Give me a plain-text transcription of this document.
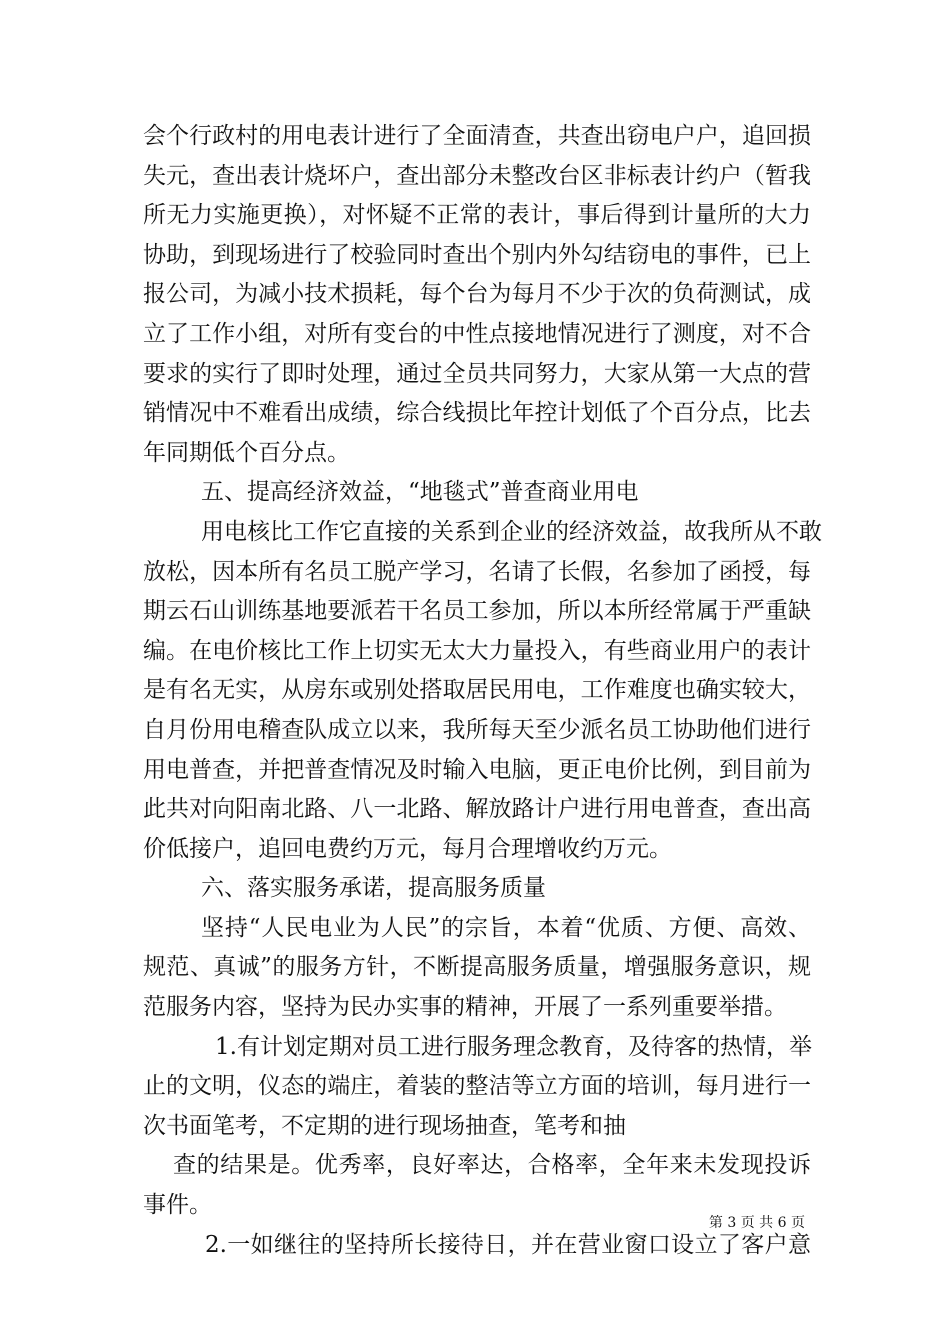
会个行政村的用电表计进行了全面清查，共查出窃电户户，追回损
失元，查出表计烧坏户，查出部分未整改台区非标表计约户（暂我
所无力实施更换），对怀疑不正常的表计，事后得到计量所的大力
协助，到现场进行了校验同时查出个别内外勾结窃电的事件，已上
报公司，为减小技术损耗，每个台为每月不少于次的负荷测试，成
立了工作小组，对所有变台的中性点接地情况进行了测度，对不合
要求的实行了即时处理，通过全员共同努力，大家从第一大点的营
销情况中不难看出成绩，综合线损比年控计划低了个百分点，比去
年同期低个百分点。
五、提高经济效益，“地毯式”普查商业用电
用电核比工作它直接的关系到企业的经济效益，故我所从不敢
放松，因本所有名员工脱产学习，名请了长假，名参加了函授，每
期云石山训练基地要派若干名员工参加，所以本所经常属于严重缺
编。在电价核比工作上切实无太大力量投入，有些商业用户的表计
是有名无实，从房东或别处搭取居民用电，工作难度也确实较大，
自月份用电稽查队成立以来，我所每天至少派名员工协助他们进行
用电普查，并把普查情况及时输入电脑，更正电价比例，到目前为
此共对向阳南北路、八一北路、解放路计户进行用电普查，查出高
价低接户，追回电费约万元，每月合理增收约万元。
六、落实服务承诺，提高服务质量
坚持“人民电业为人民”的宗旨，本着“优质、方便、高效、
规范、真诚”的服务方针，不断提高服务质量，增强服务意识，规
范服务内容，坚持为民办实事的精神，开展了一系列重要举措。
1.有计划定期对员工进行服务理念教育，及待客的热情，举
止的文明，仪态的端庄，着装的整洁等立方面的培训，每月进行一
次书面笔考，不定期的进行现场抽查，笔考和抽
查的结果是。优秀率，良好率达，合格率，全年来未发现投诉
事件。
2.一如继往的坚持所长接待日，并在营业窗口设立了客户意
第 3 页 共 6 页
